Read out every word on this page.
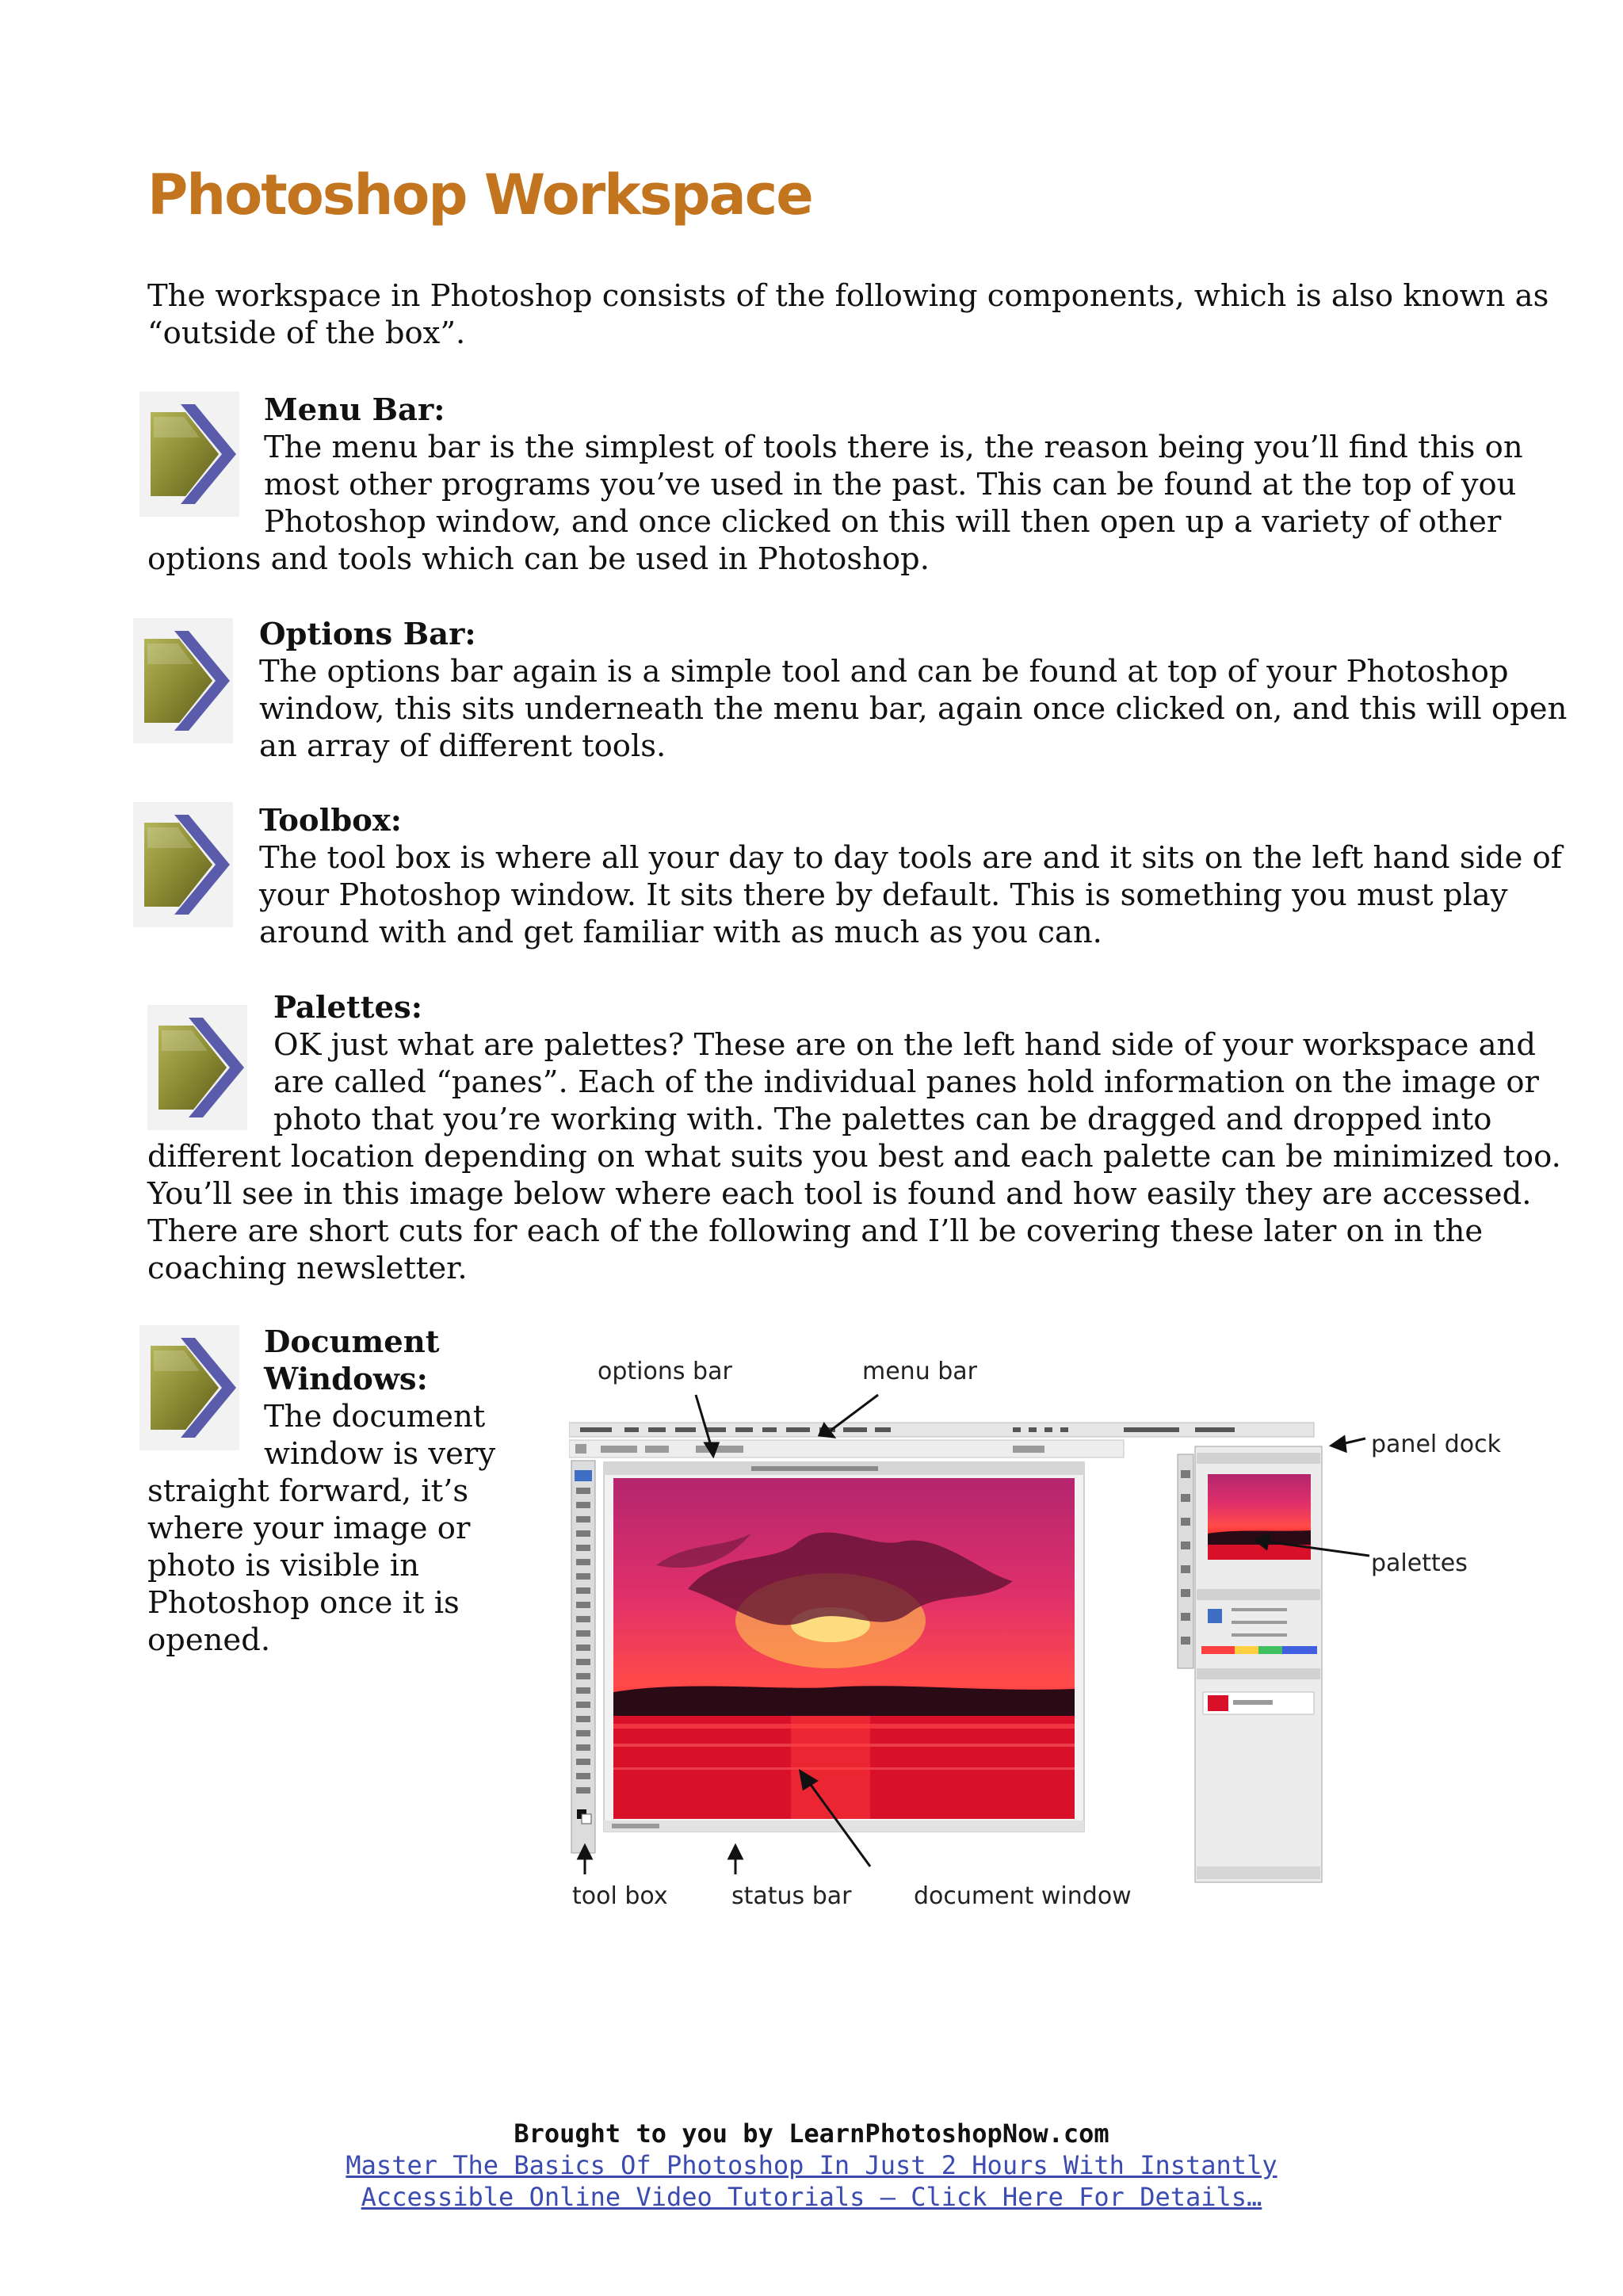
Photoshop Workspace
The workspace in Photoshop consists of the following components, which is also known as
“outside of the box”.
Menu Bar:
The menu bar is the simplest of tools there is, the reason being you’ll find this on
most other programs you’ve used in the past. This can be found at the top of you
Photoshop window, and once clicked on this will then open up a variety of other
options and tools which can be used in Photoshop.
Options Bar:
The options bar again is a simple tool and can be found at top of your Photoshop
window, this sits underneath the menu bar, again once clicked on, and this will open
an array of different tools.
Toolbox:
The tool box is where all your day to day tools are and it sits on the left hand side of
your Photoshop window. It sits there by default. This is something you must play
around with and get familiar with as much as you can.
Palettes:
OK just what are palettes? These are on the left hand side of your workspace and
are called “panes”. Each of the individual panes hold information on the image or
photo that you’re working with. The palettes can be dragged and dropped into
different location depending on what suits you best and each palette can be minimized too.
You’ll see in this image below where each tool is found and how easily they are accessed.
There are short cuts for each of the following and I’ll be covering these later on in the
coaching newsletter.
Document
Windows:
The document
window is very
straight forward, it’s
where your image or
photo is visible in
Photoshop once it is
opened.
options bar	menu bar
panel dock
palettes
tool box	status bar	document window
Brought to you by LearnPhotoshopNow.com
Master The Basics Of Photoshop In Just 2 Hours With Instantly
Accessible Online Video Tutorials – Click Here For Details…
